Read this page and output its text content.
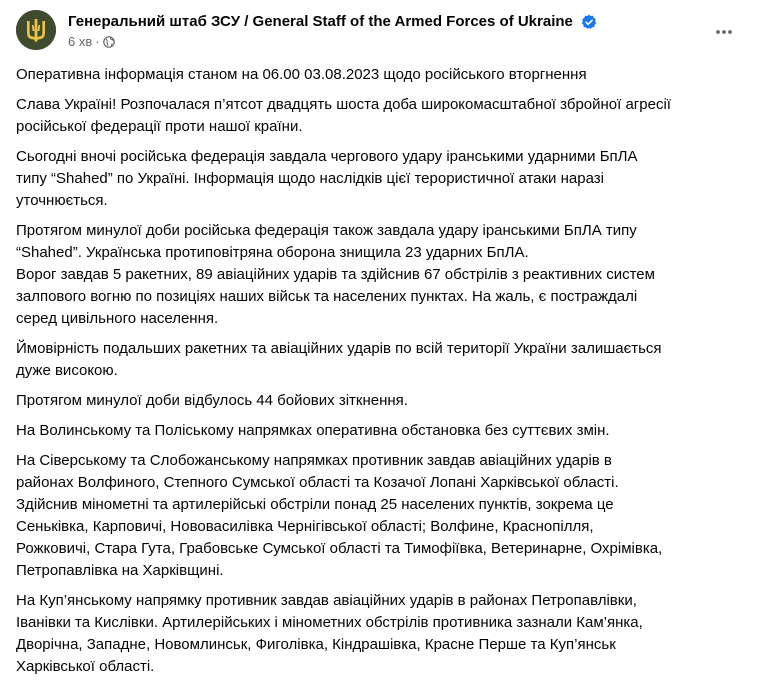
Генеральний штаб ЗСУ / General Staff of the Armed Forces of Ukraine
6 хв ·
Оперативна інформація станом на 06.00 03.08.2023 щодо російського вторгнення
Слава Україні! Розпочалася п’ятсот двадцять шоста доба широкомасштабної збройної агресії
російської федерації проти нашої країни.
Сьогодні вночі російська федерація завдала чергового удару іранськими ударними БпЛА
типу “Shahed” по Україні. Інформація щодо наслідків цієї терористичної атаки наразі
уточнюється.
Протягом минулої доби російська федерація також завдала удару іранськими БпЛА типу
“Shahed”. Українська протиповітряна оборона знищила 23 ударних БпЛА.
Ворог завдав 5 ракетних, 89 авіаційних ударів та здійснив 67 обстрілів з реактивних систем
залпового вогню по позиціях наших військ та населених пунктах. На жаль, є постраждалі
серед цивільного населення.
Ймовірність подальших ракетних та авіаційних ударів по всій території України залишається
дуже високою.
Протягом минулої доби відбулось 44 бойових зіткнення.
На Волинському та Поліському напрямках оперативна обстановка без суттєвих змін.
На Сіверському та Слобожанському напрямках противник завдав авіаційних ударів в
районах Волфиного, Степного Сумської області та Козачої Лопані Харківської області.
Здійснив мінометні та артилерійські обстріли понад 25 населених пунктів, зокрема це
Сеньківка, Карповичі, Нововасилівка Чернігівської області; Волфине, Краснопілля,
Рожковичі, Стара Гута, Грабовське Сумської області та Тимофіївка, Ветеринарне, Охрімівка,
Петропавлівка на Харківщині.
На Куп’янському напрямку противник завдав авіаційних ударів в районах Петропавлівки,
Іванівки та Кислівки. Артилерійських і мінометних обстрілів противника зазнали Кам’янка,
Дворічна, Западне, Новомлинськ, Фиголівка, Кіндрашівка, Красне Перше та Куп’янськ
Харківської області.
